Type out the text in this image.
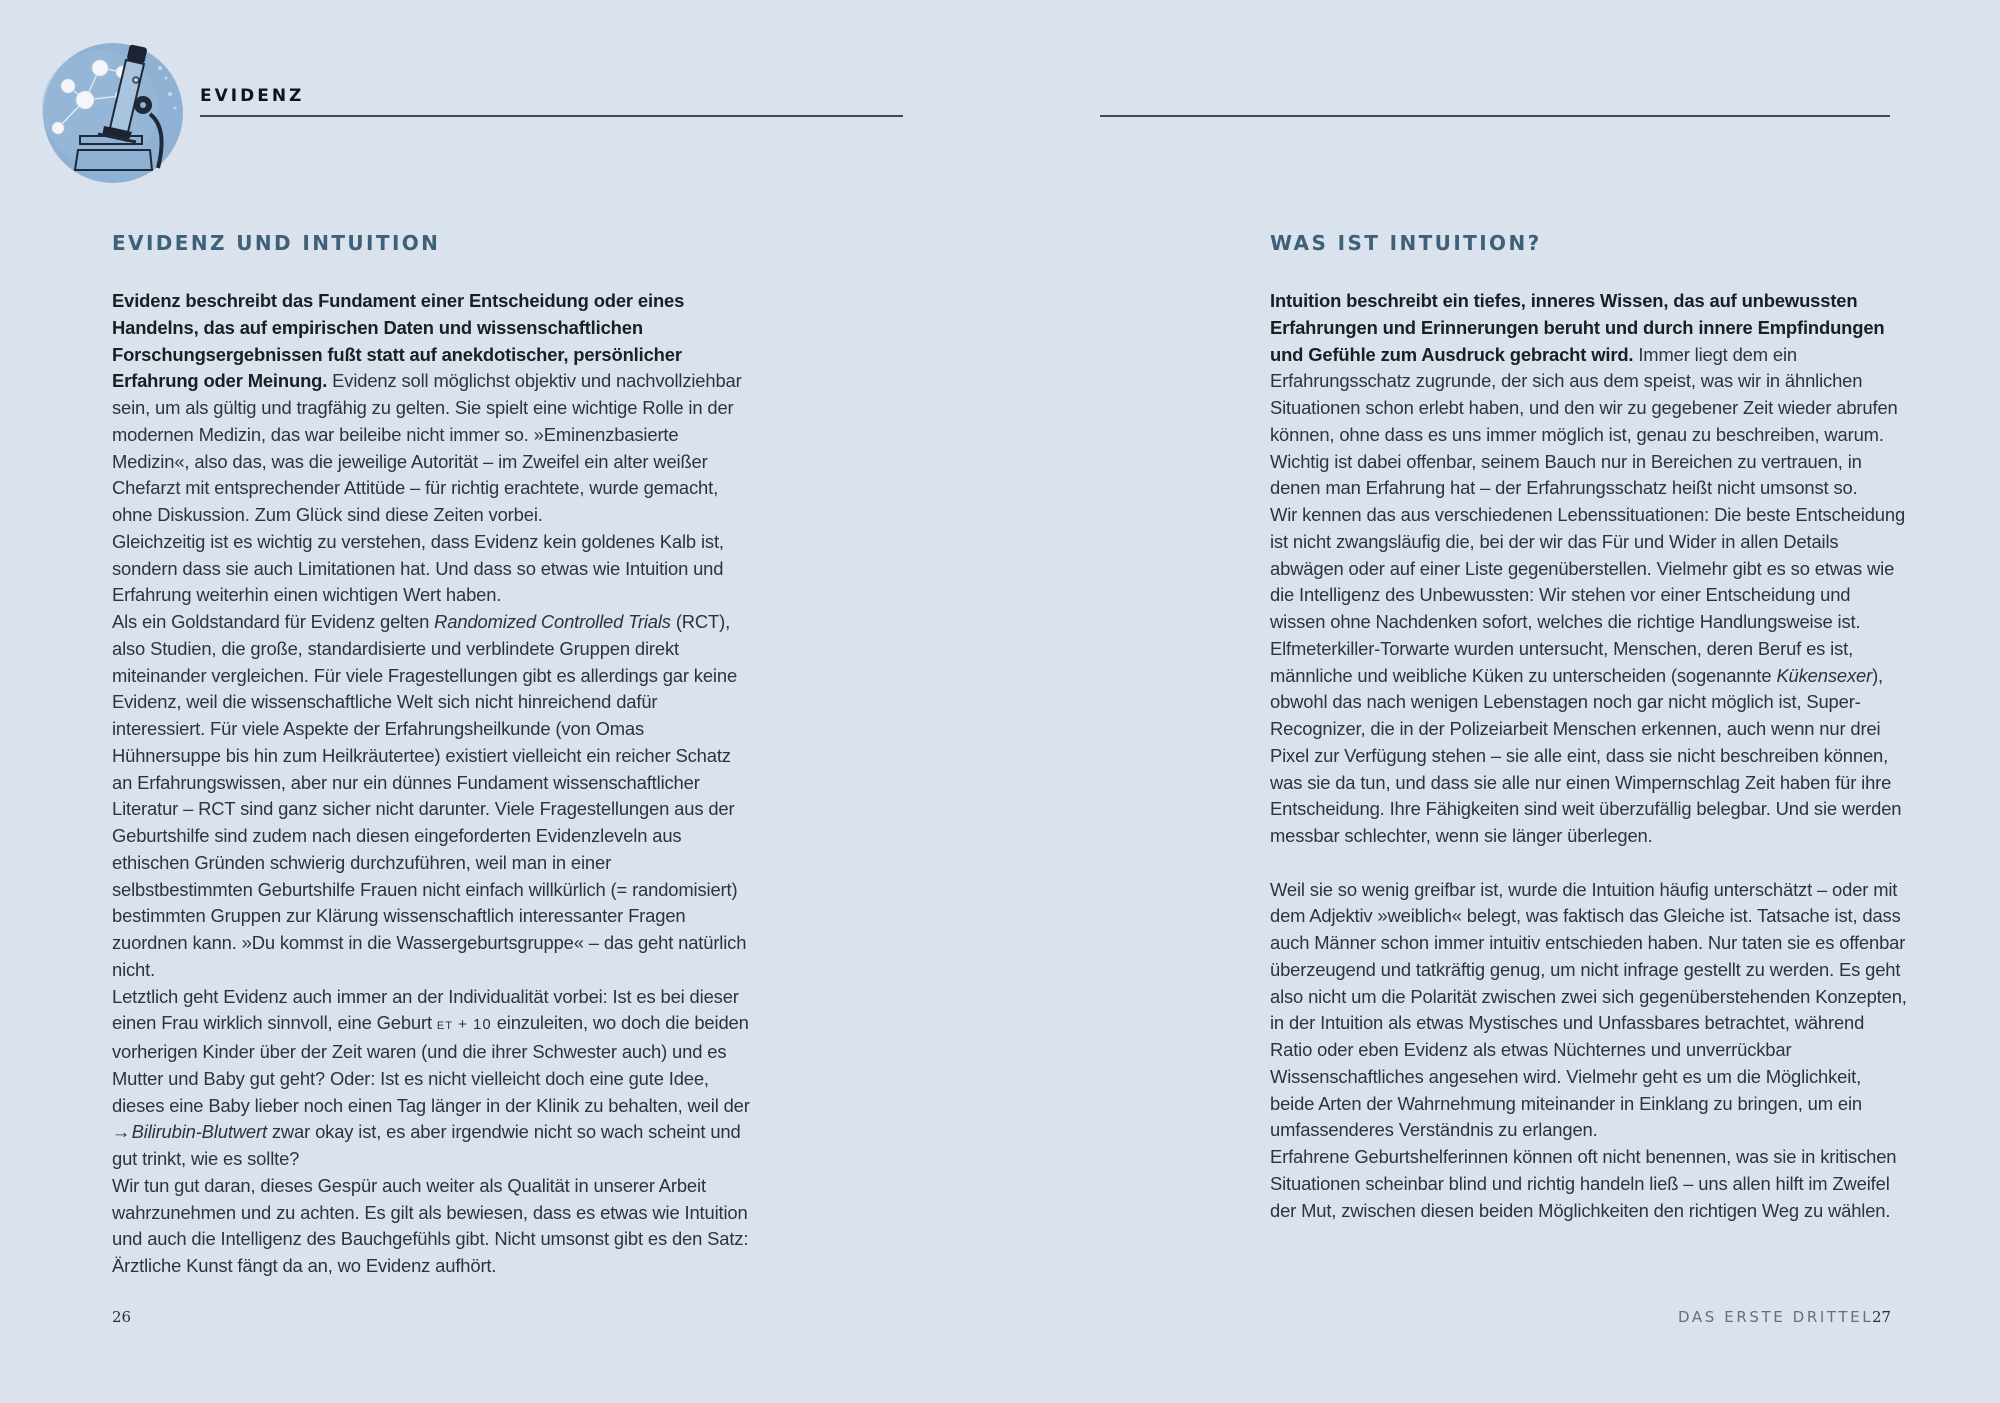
EVIDENZ
EVIDENZ UND INTUITION

Evidenz beschreibt das Fundament einer Entscheidung oder eines Handelns, das auf empirischen Daten und wissenschaftlichen Forschungsergebnissen fußt statt auf anekdotischer, persönlicher Erfahrung oder Meinung. Evidenz soll möglichst objektiv und nachvollziehbar sein, um als gültig und tragfähig zu gelten. Sie spielt eine wichtige Rolle in der modernen Medizin, das war beileibe nicht immer so. »Eminenzbasierte Medizin«, also das, was die jeweilige Autorität – im Zweifel ein alter weißer Chefarzt mit entsprechender Attitüde – für richtig erachtete, wurde gemacht, ohne Diskussion. Zum Glück sind diese Zeiten vorbei.

Gleichzeitig ist es wichtig zu verstehen, dass Evidenz kein goldenes Kalb ist, sondern dass sie auch Limitationen hat. Und dass so etwas wie Intuition und Erfahrung weiterhin einen wichtigen Wert haben.

Als ein Goldstandard für Evidenz gelten Randomized Controlled Trials (RCT), also Studien, die große, standardisierte und verblindete Gruppen direkt miteinander vergleichen. Für viele Fragestellungen gibt es allerdings gar keine Evidenz, weil die wissenschaftliche Welt sich nicht hinreichend dafür interessiert. Für viele Aspekte der Erfahrungsheilkunde (von Omas Hühnersuppe bis hin zum Heilkräutertee) existiert vielleicht ein reicher Schatz an Erfahrungswissen, aber nur ein dünnes Fundament wissenschaftlicher Literatur – RCT sind ganz sicher nicht darunter. Viele Fragestellungen aus der Geburtshilfe sind zudem nach diesen eingeforderten Evidenzleveln aus ethischen Gründen schwierig durchzuführen, weil man in einer selbstbestimmten Geburtshilfe Frauen nicht einfach willkürlich (= randomisiert) bestimmten Gruppen zur Klärung wissenschaftlich interessanter Fragen zuordnen kann. »Du kommst in die Wassergeburtsgruppe« – das geht natürlich nicht.

Letztlich geht Evidenz auch immer an der Individualität vorbei: Ist es bei dieser einen Frau wirklich sinnvoll, eine Geburt et + 10 einzuleiten, wo doch die beiden vorherigen Kinder über der Zeit waren (und die ihrer Schwester auch) und es Mutter und Baby gut geht? Oder: Ist es nicht vielleicht doch eine gute Idee, dieses eine Baby lieber noch einen Tag länger in der Klinik zu behalten, weil der → Bilirubin-Blutwert zwar okay ist, es aber irgendwie nicht so wach scheint und gut trinkt, wie es sollte?

Wir tun gut daran, dieses Gespür auch weiter als Qualität in unserer Arbeit wahrzunehmen und zu achten. Es gilt als bewiesen, dass es etwas wie Intuition und auch die Intelligenz des Bauchgefühls gibt. Nicht umsonst gibt es den Satz: Ärztliche Kunst fängt da an, wo Evidenz aufhört.

WAS IST INTUITION?

Intuition beschreibt ein tiefes, inneres Wissen, das auf unbewussten Erfahrungen und Erinnerungen beruht und durch innere Empfindungen und Gefühle zum Ausdruck gebracht wird. Immer liegt dem ein Erfahrungsschatz zugrunde, der sich aus dem speist, was wir in ähnlichen Situationen schon erlebt haben, und den wir zu gegebener Zeit wieder abrufen können, ohne dass es uns immer möglich ist, genau zu beschreiben, warum.

Wichtig ist dabei offenbar, seinem Bauch nur in Bereichen zu vertrauen, in denen man Erfahrung hat – der Erfahrungsschatz heißt nicht umsonst so.

Wir kennen das aus verschiedenen Lebenssituationen: Die beste Entscheidung ist nicht zwangsläufig die, bei der wir das Für und Wider in allen Details abwägen oder auf einer Liste gegenüberstellen. Vielmehr gibt es so etwas wie die Intelligenz des Unbewussten: Wir stehen vor einer Entscheidung und wissen ohne Nachdenken sofort, welches die richtige Handlungsweise ist. Elfmeterkiller-Torwarte wurden untersucht, Menschen, deren Beruf es ist, männliche und weibliche Küken zu unterscheiden (sogenannte Kükensexer), obwohl das nach wenigen Lebenstagen noch gar nicht möglich ist, Super-Recognizer, die in der Polizeiarbeit Menschen erkennen, auch wenn nur drei Pixel zur Verfügung stehen – sie alle eint, dass sie nicht beschreiben können, was sie da tun, und dass sie alle nur einen Wimpernschlag Zeit haben für ihre Entscheidung. Ihre Fähigkeiten sind weit überzufällig belegbar. Und sie werden messbar schlechter, wenn sie länger überlegen.

Weil sie so wenig greifbar ist, wurde die Intuition häufig unterschätzt – oder mit dem Adjektiv »weiblich« belegt, was faktisch das Gleiche ist. Tatsache ist, dass auch Männer schon immer intuitiv entschieden haben. Nur taten sie es offenbar überzeugend und tatkräftig genug, um nicht infrage gestellt zu werden. Es geht also nicht um die Polarität zwischen zwei sich gegenüberstehenden Konzepten, in der Intuition als etwas Mystisches und Unfassbares betrachtet, während Ratio oder eben Evidenz als etwas Nüchternes und unverrückbar Wissenschaftliches angesehen wird. Vielmehr geht es um die Möglichkeit, beide Arten der Wahrnehmung miteinander in Einklang zu bringen, um ein umfassenderes Verständnis zu erlangen.

Erfahrene Geburtshelferinnen können oft nicht benennen, was sie in kritischen Situationen scheinbar blind und richtig handeln ließ – uns allen hilft im Zweifel der Mut, zwischen diesen beiden Möglichkeiten den richtigen Weg zu wählen.

26	DAS ERSTE DRITTEL
27
